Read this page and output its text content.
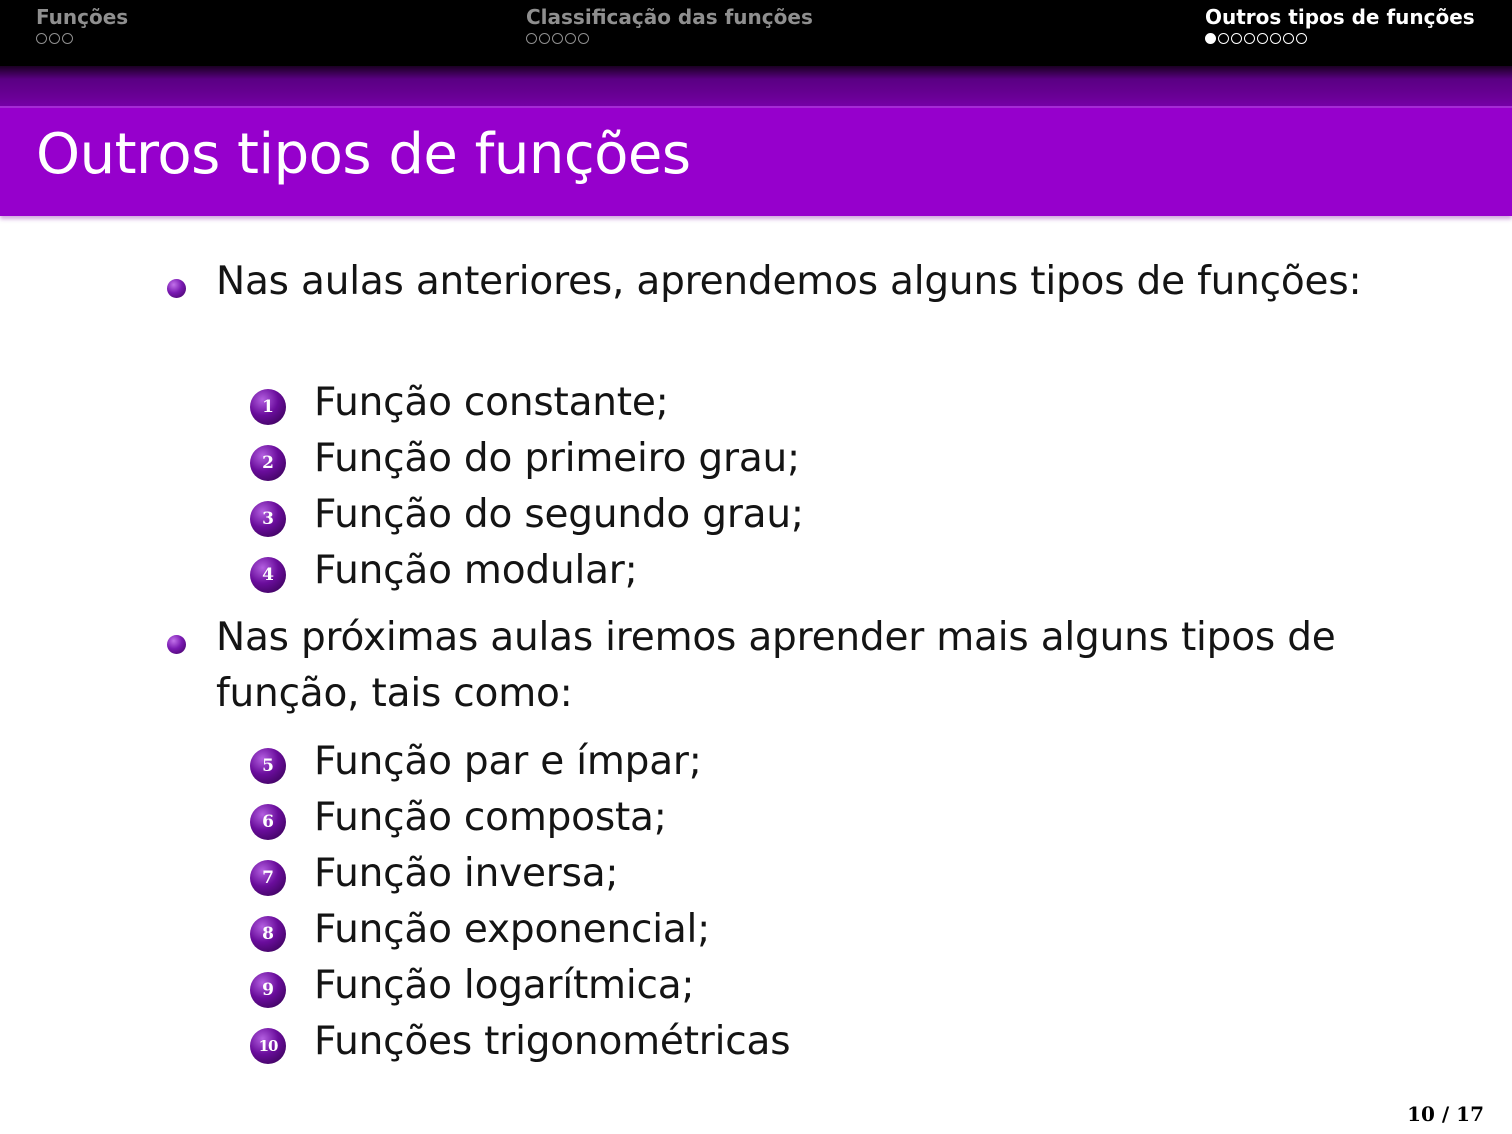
Funções	Classificação das funções	Outros tipos de funções
Outros tipos de funções
Nas aulas anteriores, aprendemos alguns tipos de funções:
1	Função constante;
2	Função do primeiro grau;
3	Função do segundo grau;
4	Função modular;
Nas próximas aulas iremos aprender mais alguns tipos de
função, tais como:
5	Função par e ímpar;
6	Função composta;
7	Função inversa;
8	Função exponencial;
9	Função logarítmica;
10 Funções trigonométricas
10 / 17
